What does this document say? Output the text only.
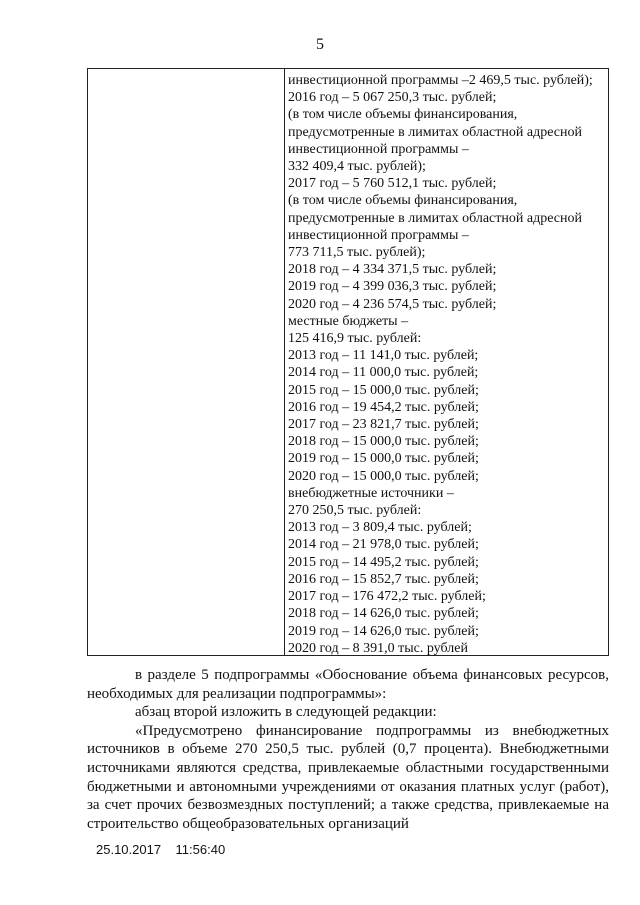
5
инвестиционной программы –2 469,5 тыс. рублей);
2016 год – 5 067 250,3 тыс. рублей;
(в том числе объемы финансирования,
предусмотренные в лимитах областной адресной
инвестиционной программы –
332 409,4 тыс. рублей);
2017 год – 5 760 512,1 тыс. рублей;
(в том числе объемы финансирования,
предусмотренные в лимитах областной адресной
инвестиционной программы –
773 711,5 тыс. рублей);
2018 год – 4 334 371,5 тыс. рублей;
2019 год – 4 399 036,3 тыс. рублей;
2020 год – 4 236 574,5 тыс. рублей;
местные бюджеты –
125 416,9 тыс. рублей:
2013 год – 11 141,0 тыс. рублей;
2014 год – 11 000,0 тыс. рублей;
2015 год – 15 000,0 тыс. рублей;
2016 год – 19 454,2 тыс. рублей;
2017 год – 23 821,7 тыс. рублей;
2018 год – 15 000,0 тыс. рублей;
2019 год – 15 000,0 тыс. рублей;
2020 год – 15 000,0 тыс. рублей;
внебюджетные источники –
270 250,5 тыс. рублей:
2013 год – 3 809,4 тыс. рублей;
2014 год – 21 978,0 тыс. рублей;
2015 год – 14 495,2 тыс. рублей;
2016 год – 15 852,7 тыс. рублей;
2017 год – 176 472,2 тыс. рублей;
2018 год – 14 626,0 тыс. рублей;
2019 год – 14 626,0 тыс. рублей;
2020 год – 8 391,0 тыс. рублей

в разделе 5 подпрограммы «Обоснование объема финансовых ресурсов, необходимых для реализации подпрограммы»:

абзац второй изложить в следующей редакции:

«Предусмотрено финансирование подпрограммы из внебюджетных источников в объеме 270 250,5 тыс. рублей (0,7 процента). Внебюджетными источниками являются средства, привлекаемые областными государственными бюджетными и автономными учреждениями от оказания платных услуг (работ), за счет прочих безвозмездных поступлений; а также средства, привлекаемые на строительство общеобразовательных организаций

25.10.2017 11:56:40
